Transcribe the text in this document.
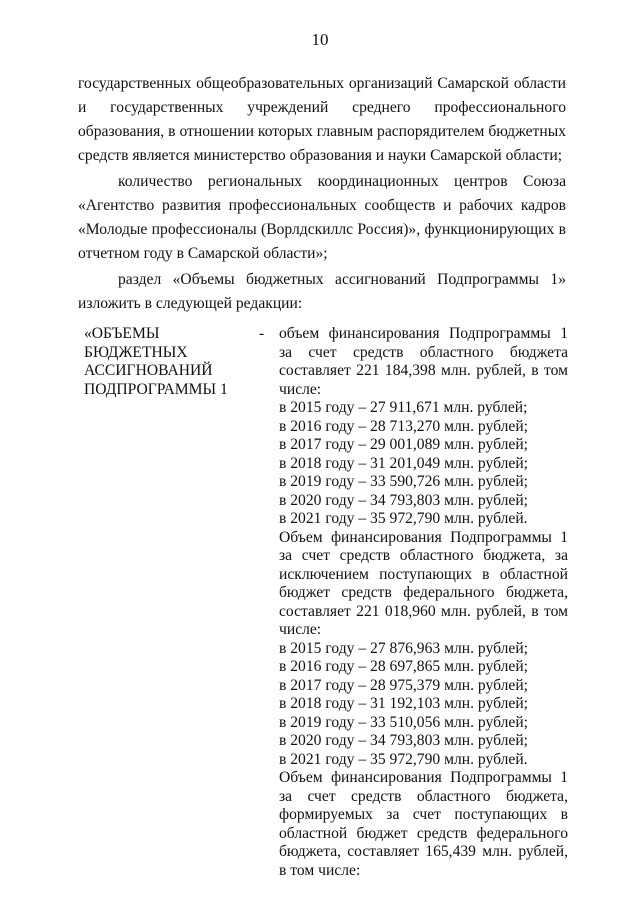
10
государственных общеобразовательных организаций Самарской области и государственных учреждений среднего профессионального образования, в отношении которых главным распорядителем бюджетных средств является министерство образования и науки Самарской области;
количество региональных координационных центров Союза «Агентство развития профессиональных сообществ и рабочих кадров «Молодые профессионалы (Ворлдскиллс Россия)», функционирующих в отчетном году в Самарской области»;
раздел «Объемы бюджетных ассигнований Подпрограммы 1» изложить в следующей редакции:
«ОБЪЕМЫ
БЮДЖЕТНЫХ
АССИГНОВАНИЙ
ПОДПРОГРАММЫ 1
- объем финансирования Подпрограммы 1 за счет средств областного бюджета составляет 221 184,398 млн. рублей, в том числе:
в 2015 году – 27 911,671 млн. рублей;
в 2016 году – 28 713,270 млн. рублей;
в 2017 году – 29 001,089 млн. рублей;
в 2018 году – 31 201,049 млн. рублей;
в 2019 году – 33 590,726 млн. рублей;
в 2020 году – 34 793,803 млн. рублей;
в 2021 году – 35 972,790 млн. рублей.
Объем финансирования Подпрограммы 1 за счет средств областного бюджета, за исключением поступающих в областной бюджет средств федерального бюджета, составляет 221 018,960 млн. рублей, в том числе:
в 2015 году – 27 876,963 млн. рублей;
в 2016 году – 28 697,865 млн. рублей;
в 2017 году – 28 975,379 млн. рублей;
в 2018 году – 31 192,103 млн. рублей;
в 2019 году – 33 510,056 млн. рублей;
в 2020 году – 34 793,803 млн. рублей;
в 2021 году – 35 972,790 млн. рублей.
Объем финансирования Подпрограммы 1 за счет средств областного бюджета, формируемых за счет поступающих в областной бюджет средств федерального бюджета, составляет 165,439 млн. рублей, в том числе:
